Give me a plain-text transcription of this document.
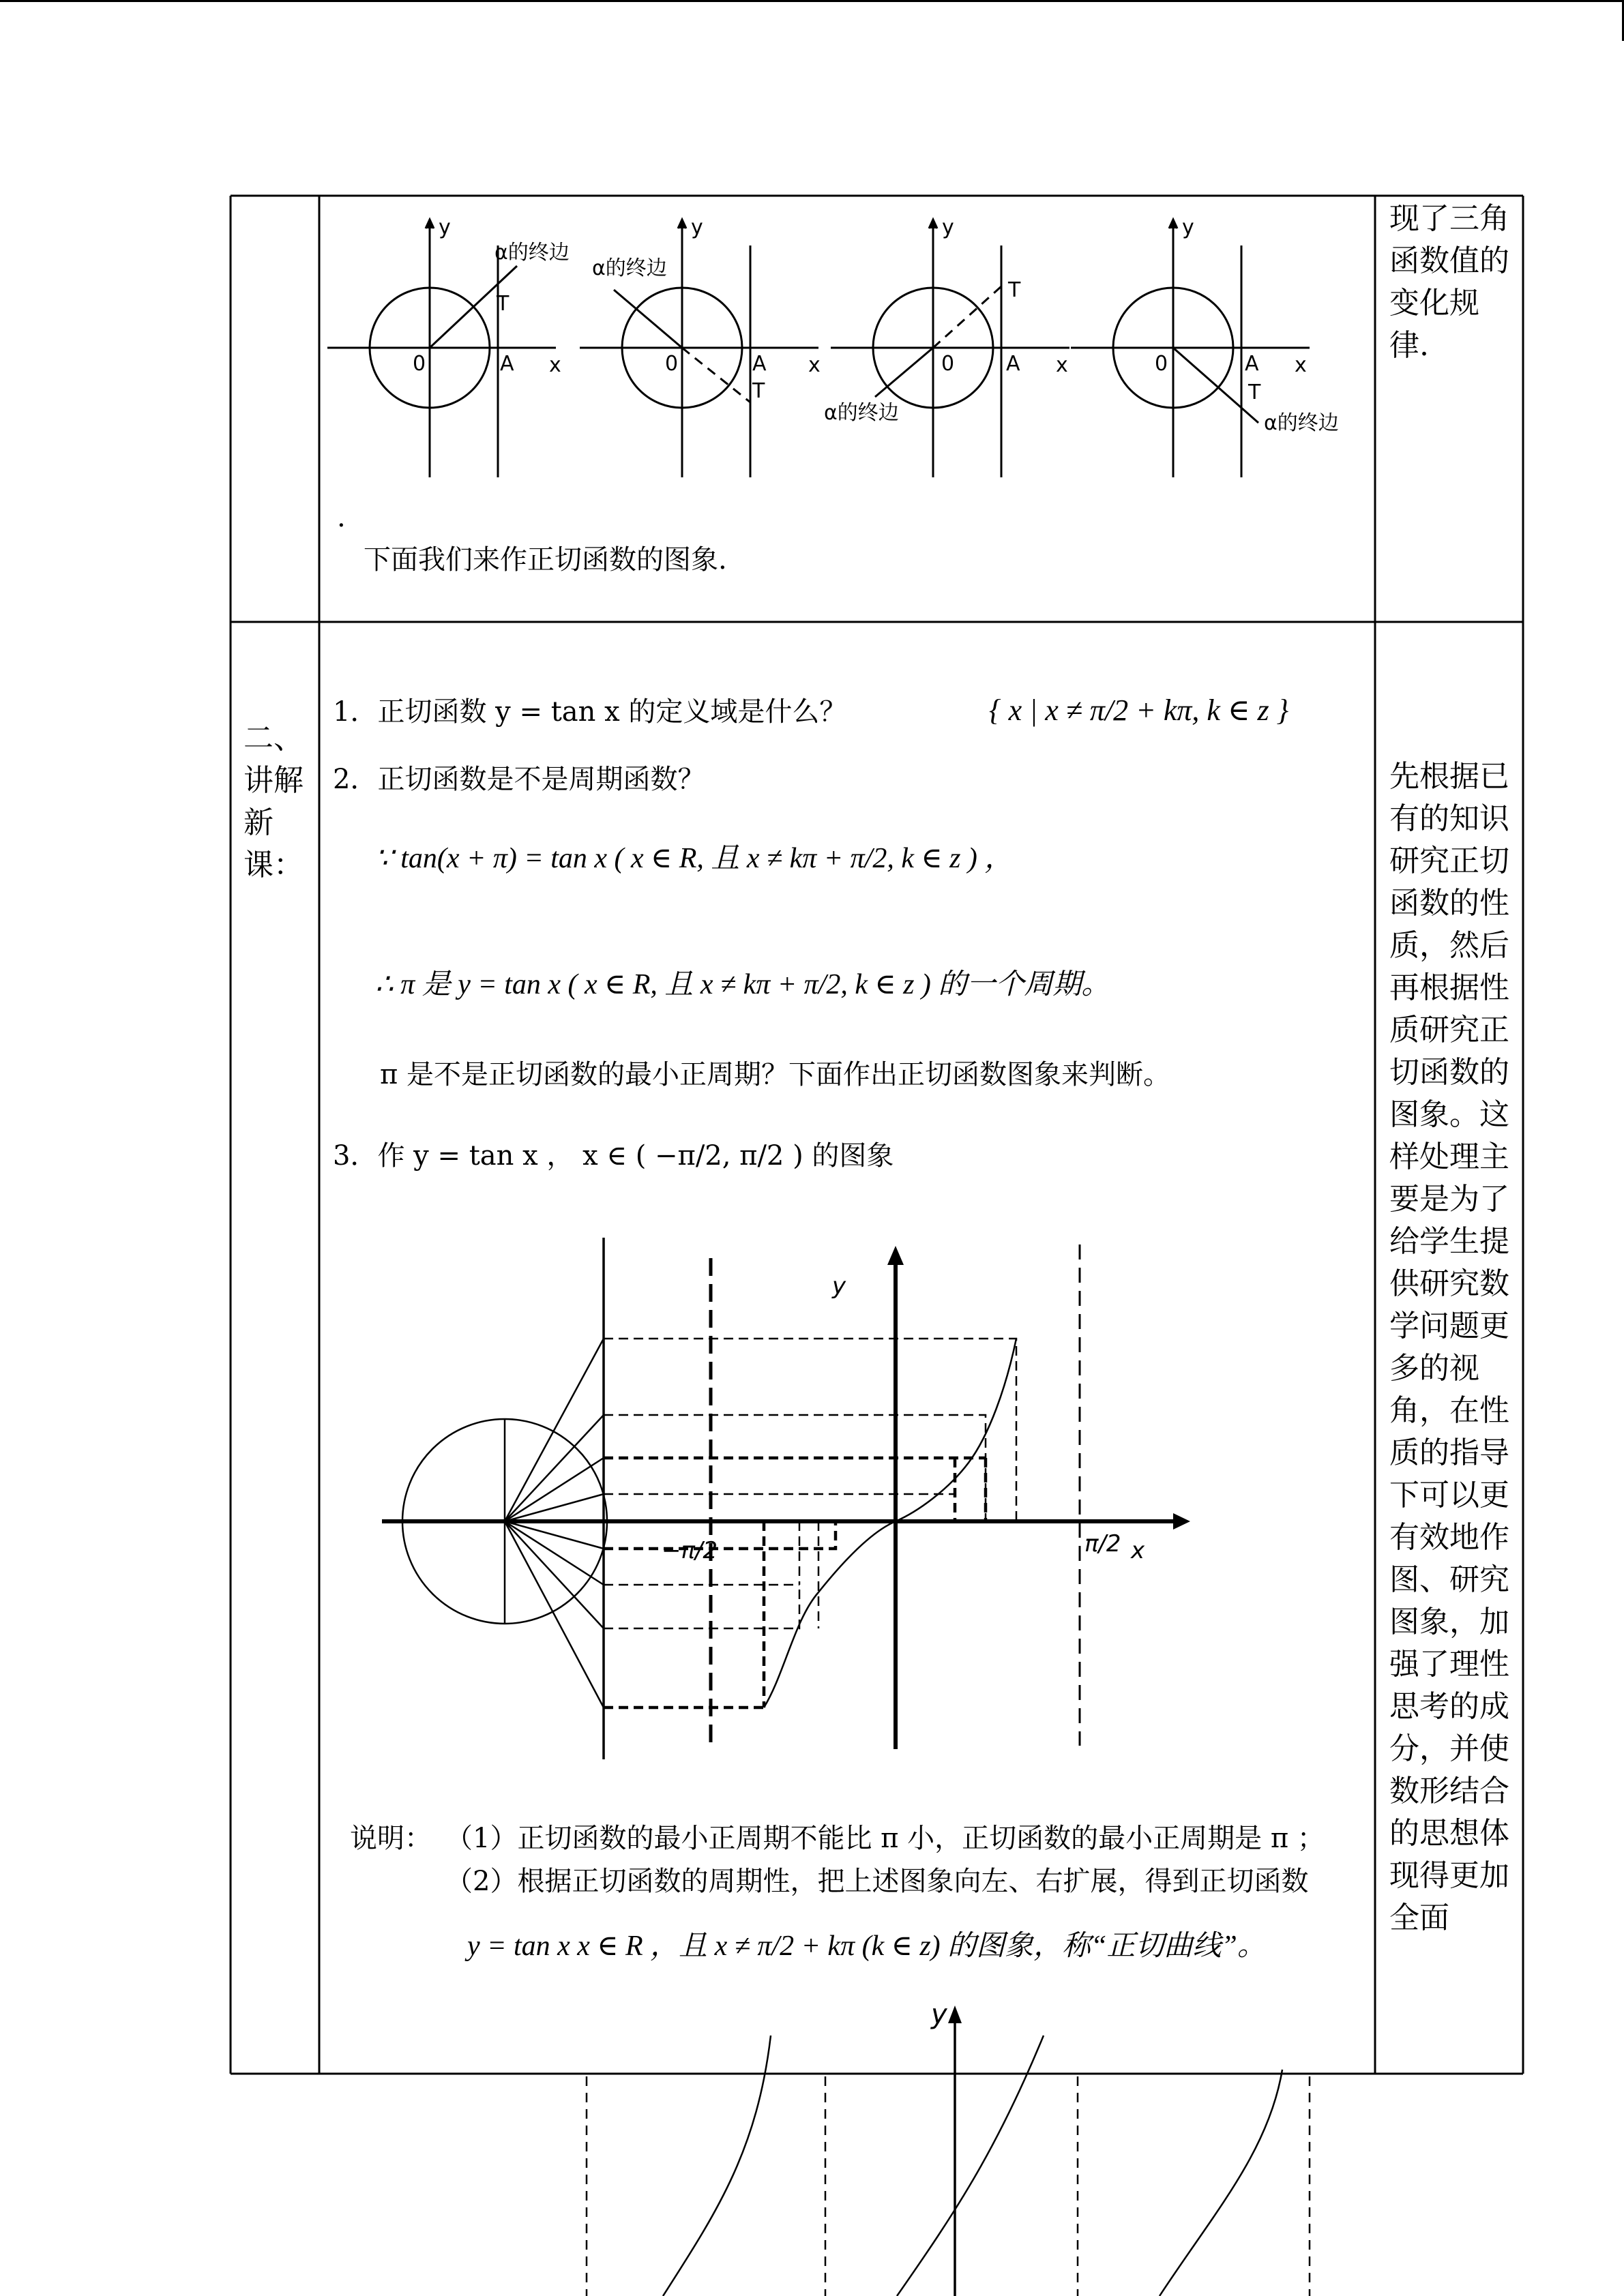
y
α的终边
T
0	A x
y
α的终边
0	A
T
x
y
T
0	A x
α的终边
y
0	A
T
x
α的终边
.
下面我们来作正切函数的图象.
现了三角函数值的变化规律.
二、讲解新课：
1．正切函数 y = tan x 的定义域是什么？	{ x | x ≠ π/2 + kπ, k ∈ z }
2．正切函数是不是周期函数？
∵ tan(x + π) = tan x ( x ∈ R, 且 x ≠ kπ + π/2, k ∈ z ) ，
∴ π 是 y = tan x ( x ∈ R, 且 x ≠ kπ + π/2, k ∈ z ) 的一个周期。
π 是不是正切函数的最小正周期？下面作出正切函数图象来判断。
3．作 y = tan x ， x ∈ ( −π/2, π/2 ) 的图象
y
x
−π/2	π/2
说明： （1）正切函数的最小正周期不能比 π 小，正切函数的最小正周期是 π ；
（2）根据正切函数的周期性，把上述图象向左、右扩展，得到正切函数
y = tan x x ∈ R ，且 x ≠ π/2 + kπ (k ∈ z) 的图象，称“正切曲线”。
先根据已有的知识研究正切函数的性质，然后再根据性质研究正切函数的图象。这样处理主要是为了给学生提供研究数学问题更多的视角，在性质的指导下可以更有效地作图、研究图象，加强了理性思考的成分，并使数形结合的思想体现得更加全面
y
